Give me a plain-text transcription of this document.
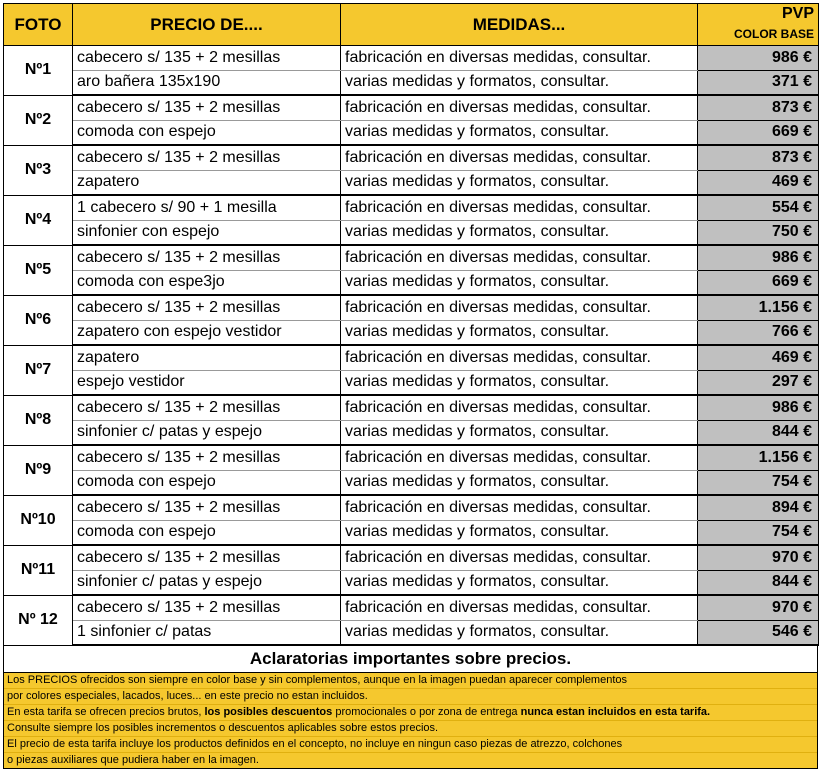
FOTO	PRECIO DE....	MEDIDAS...	PVP
COLOR BASE

Nº1	cabecero s/ 135 + 2 mesillas	fabricación en diversas medidas, consultar.	986 €
	aro bañera 135x190	varias medidas y formatos, consultar.	371 €
Nº2	cabecero s/ 135 + 2 mesillas	fabricación en diversas medidas, consultar.	873 €
	comoda con espejo	varias medidas y formatos, consultar.	669 €
Nº3	cabecero s/ 135 + 2 mesillas	fabricación en diversas medidas, consultar.	873 €
	zapatero	varias medidas y formatos, consultar.	469 €
Nº4	1 cabecero s/ 90 + 1 mesilla	fabricación en diversas medidas, consultar.	554 €
	sinfonier con espejo	varias medidas y formatos, consultar.	750 €
Nº5	cabecero s/ 135 + 2 mesillas	fabricación en diversas medidas, consultar.	986 €
	comoda con espe3jo	varias medidas y formatos, consultar.	669 €
Nº6	cabecero s/ 135 + 2 mesillas	fabricación en diversas medidas, consultar.	1.156 €
	zapatero con espejo vestidor	varias medidas y formatos, consultar.	766 €
Nº7	zapatero	fabricación en diversas medidas, consultar.	469 €
	espejo vestidor	varias medidas y formatos, consultar.	297 €
Nº8	cabecero s/ 135 + 2 mesillas	fabricación en diversas medidas, consultar.	986 €
	sinfonier c/ patas y espejo	varias medidas y formatos, consultar.	844 €
Nº9	cabecero s/ 135 + 2 mesillas	fabricación en diversas medidas, consultar.	1.156 €
	comoda con espejo	varias medidas y formatos, consultar.	754 €
Nº10	cabecero s/ 135 + 2 mesillas	fabricación en diversas medidas, consultar.	894 €
	comoda con espejo	varias medidas y formatos, consultar.	754 €
Nº11	cabecero s/ 135 + 2 mesillas	fabricación en diversas medidas, consultar.	970 €
	sinfonier c/ patas y espejo	varias medidas y formatos, consultar.	844 €
Nº 12	cabecero s/ 135 + 2 mesillas	fabricación en diversas medidas, consultar.	970 €
	1 sinfonier c/ patas	varias medidas y formatos, consultar.	546 €
Aclaratorias importantes sobre precios.
Los PRECIOS ofrecidos son siempre en color base y sin complementos, aunque en la imagen puedan aparecer complementos
por colores especiales, lacados, luces... en este precio no estan incluidos.
En esta tarifa se ofrecen precios brutos, los posibles descuentos promocionales o por zona de entrega nunca estan incluidos en esta tarifa.
Consulte siempre los posibles incrementos o descuentos aplicables sobre estos precios.
El precio de esta tarifa incluye los productos definidos en el concepto, no incluye en ningun caso piezas de atrezzo, colchones
o piezas auxiliares que pudiera haber en la imagen.
